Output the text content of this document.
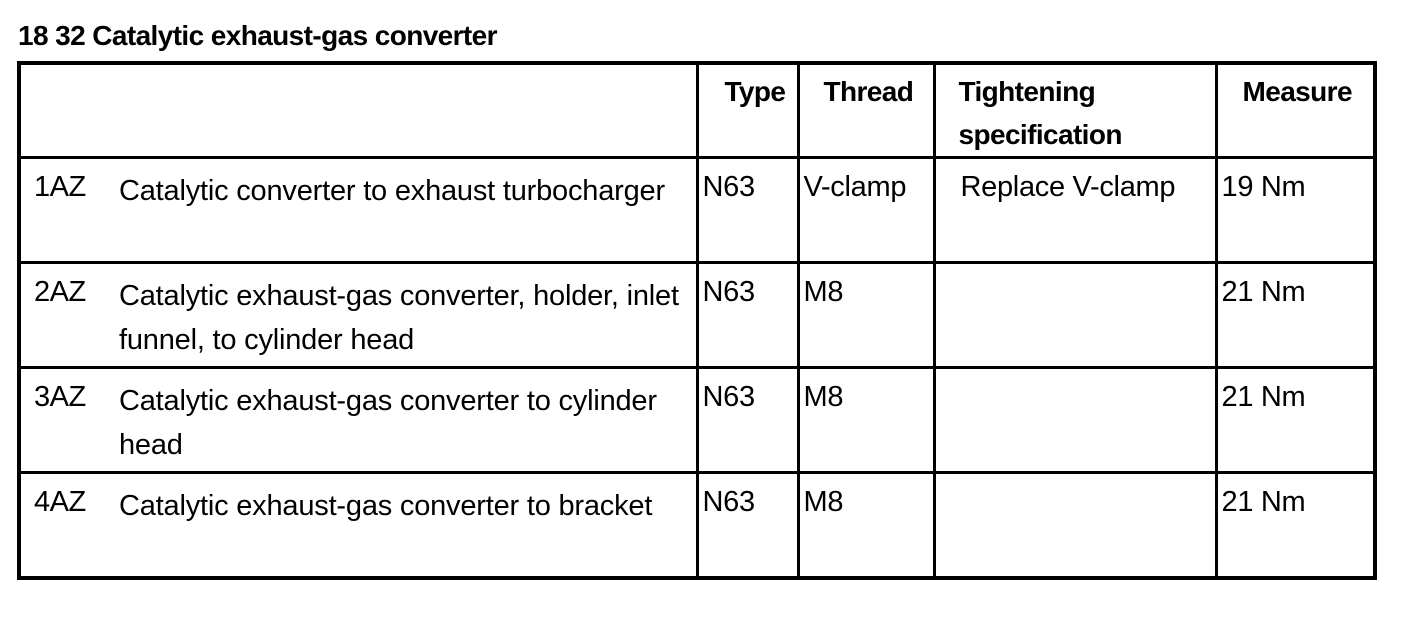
18 32 Catalytic exhaust-gas converter
	Type	Thread	Tightening specification	Measure

1AZ Catalytic converter to exhaust turbocharger	N63	V-clamp	Replace V-clamp	19 Nm

2AZ Catalytic exhaust-gas converter, holder, inlet funnel, to cylinder head	N63	M8		21 Nm

3AZ Catalytic exhaust-gas converter to cylinder head	N63	M8		21 Nm

4AZ Catalytic exhaust-gas converter to bracket	N63	M8		21 Nm
